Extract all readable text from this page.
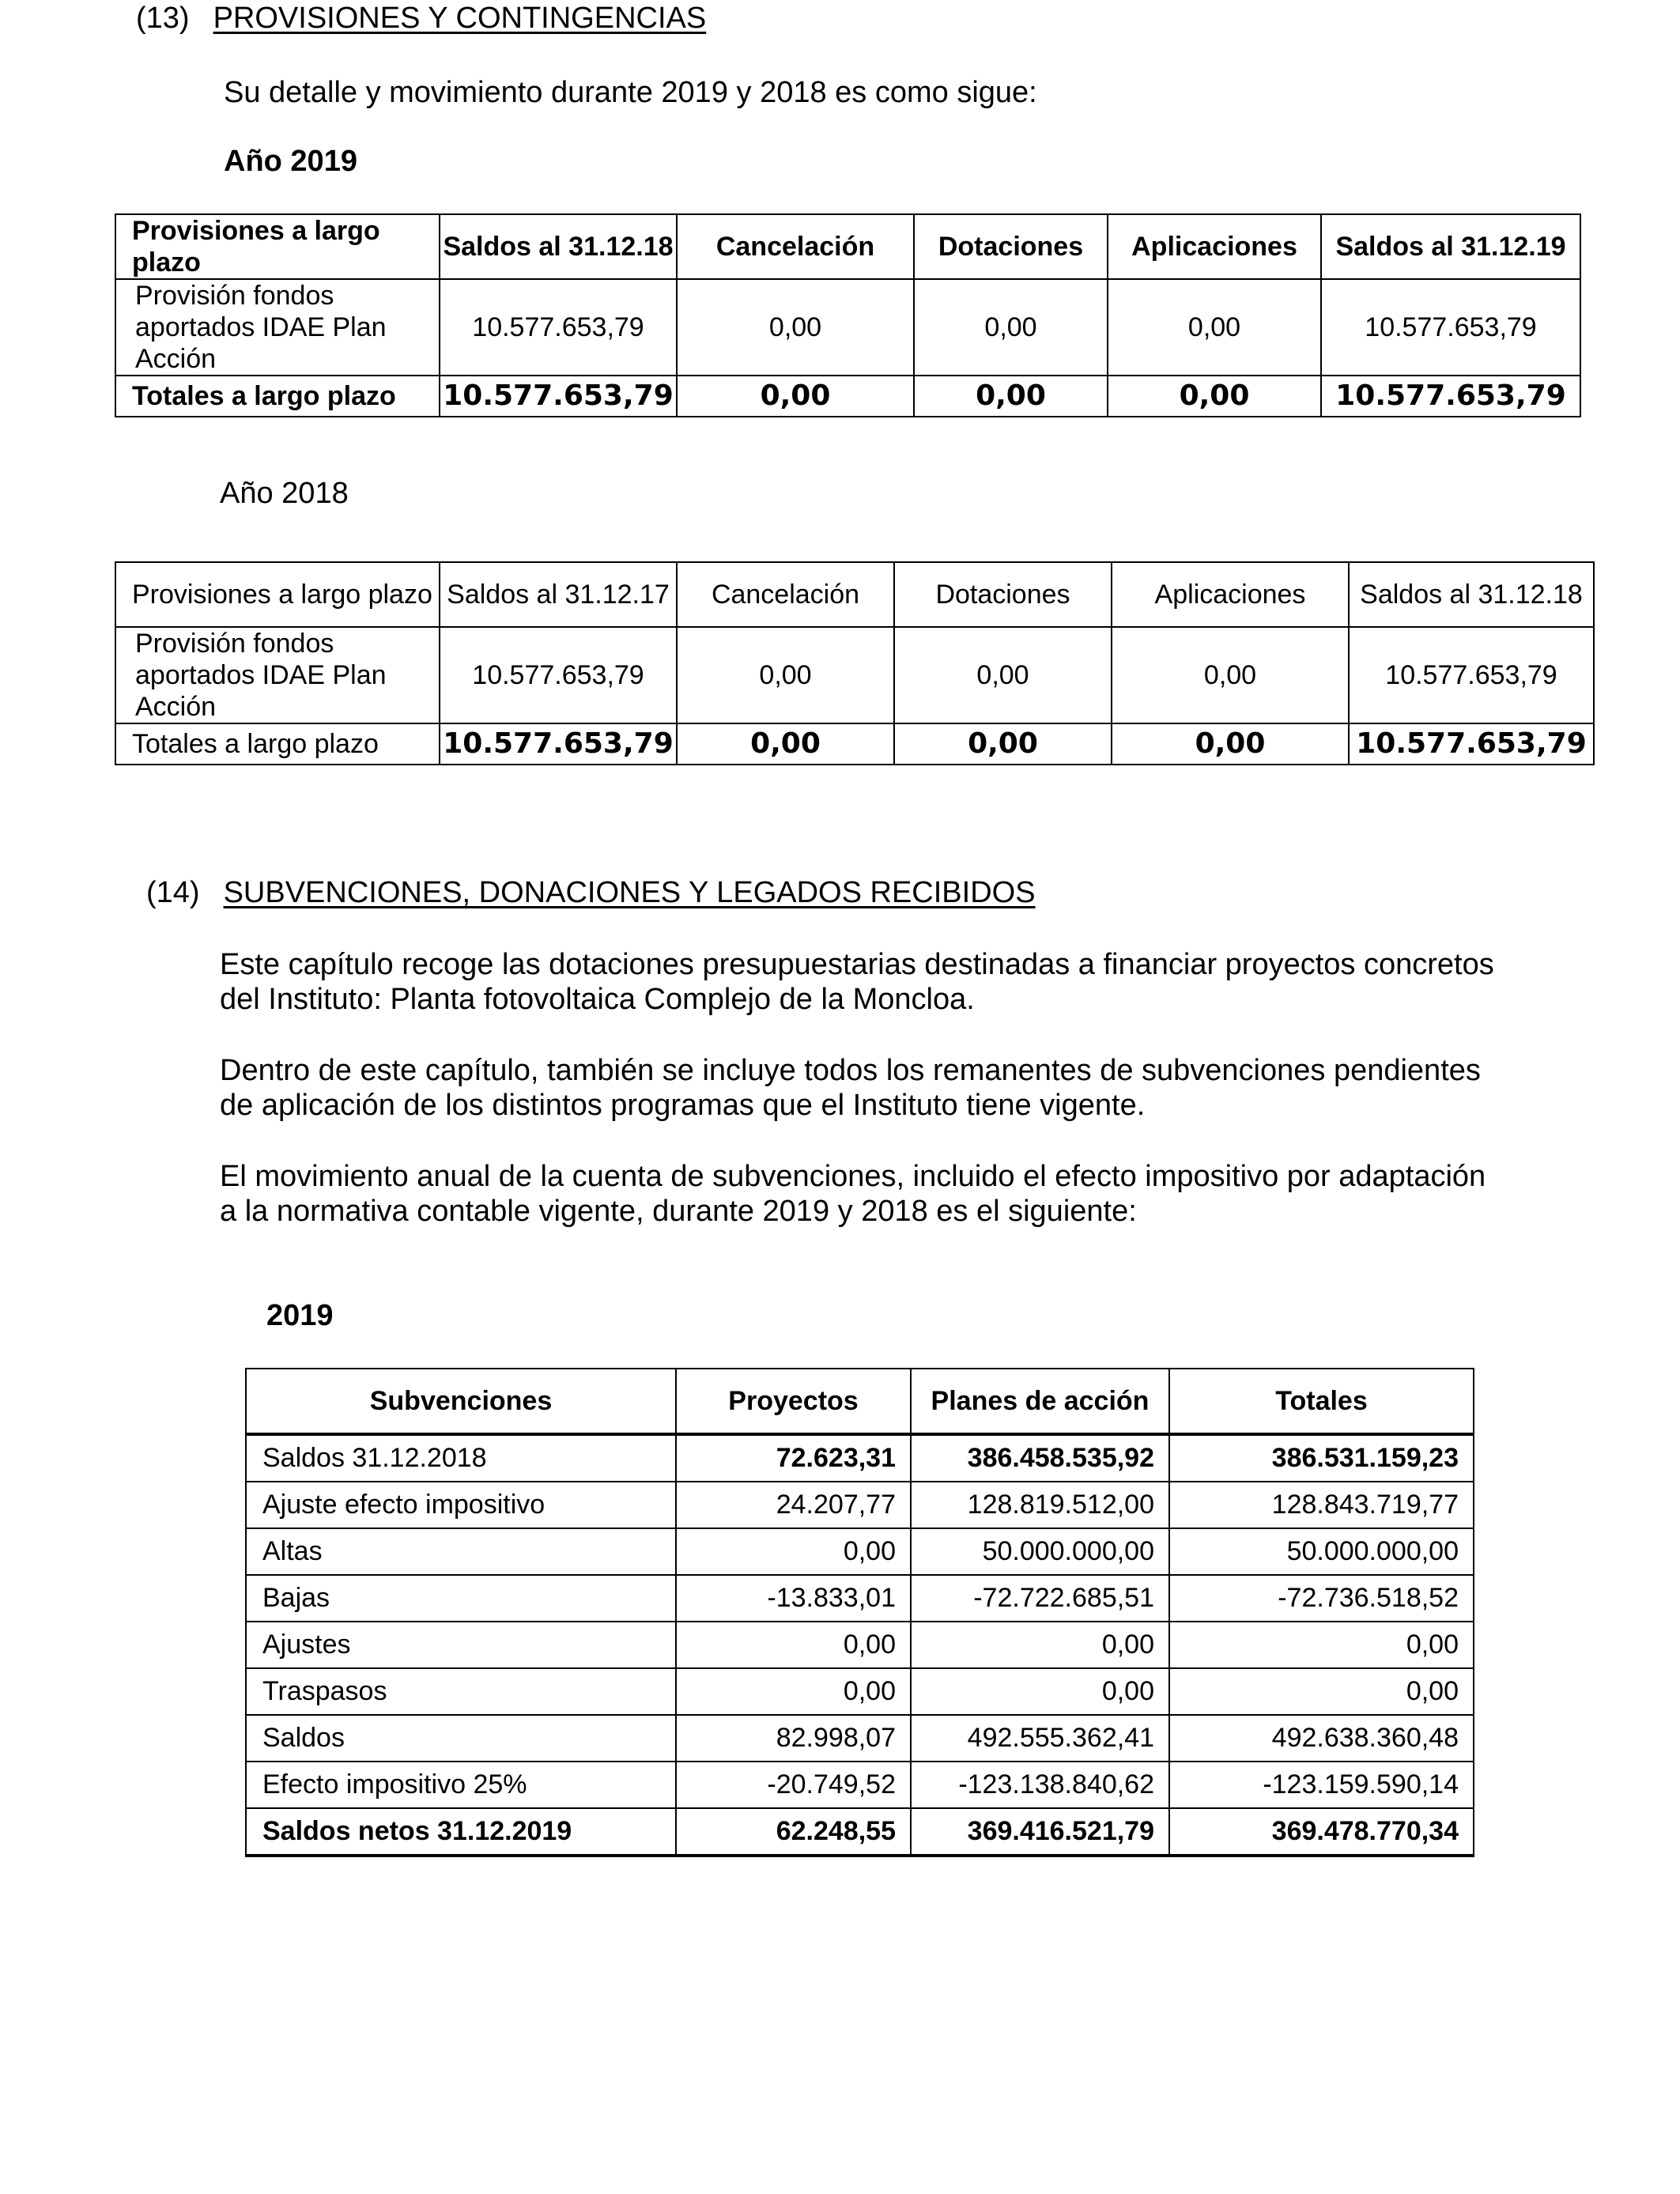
(13) PROVISIONES Y CONTINGENCIAS
Su detalle y movimiento durante 2019 y 2018 es como sigue:
Año 2019
Provisiones a largo plazo	Saldos al 31.12.18	Cancelación	Dotaciones	Aplicaciones	Saldos al 31.12.19
Provisión fondos aportados IDAE Plan Acción	10.577.653,79	0,00	0,00	0,00	10.577.653,79
Totales a largo plazo	10.577.653,79	0,00	0,00	0,00	10.577.653,79
Año 2018
Provisiones a largo plazo	Saldos al 31.12.17	Cancelación	Dotaciones	Aplicaciones	Saldos al 31.12.18
Provisión fondos aportados IDAE Plan Acción	10.577.653,79	0,00	0,00	0,00	10.577.653,79
Totales a largo plazo	10.577.653,79	0,00	0,00	0,00	10.577.653,79
(14) SUBVENCIONES, DONACIONES Y LEGADOS RECIBIDOS
Este capítulo recoge las dotaciones presupuestarias destinadas a financiar proyectos concretos
del Instituto: Planta fotovoltaica Complejo de la Moncloa.
Dentro de este capítulo, también se incluye todos los remanentes de subvenciones pendientes
de aplicación de los distintos programas que el Instituto tiene vigente.
El movimiento anual de la cuenta de subvenciones, incluido el efecto impositivo por adaptación
a la normativa contable vigente, durante 2019 y 2018 es el siguiente:
2019
Subvenciones	Proyectos	Planes de acción	Totales
Saldos 31.12.2018	72.623,31	386.458.535,92	386.531.159,23
Ajuste efecto impositivo	24.207,77	128.819.512,00	128.843.719,77
Altas	0,00	50.000.000,00	50.000.000,00
Bajas	-13.833,01	-72.722.685,51	-72.736.518,52
Ajustes	0,00	0,00	0,00
Traspasos	0,00	0,00	0,00
Saldos	82.998,07	492.555.362,41	492.638.360,48
Efecto impositivo 25%	-20.749,52	-123.138.840,62	-123.159.590,14
Saldos netos 31.12.2019	62.248,55	369.416.521,79	369.478.770,34
